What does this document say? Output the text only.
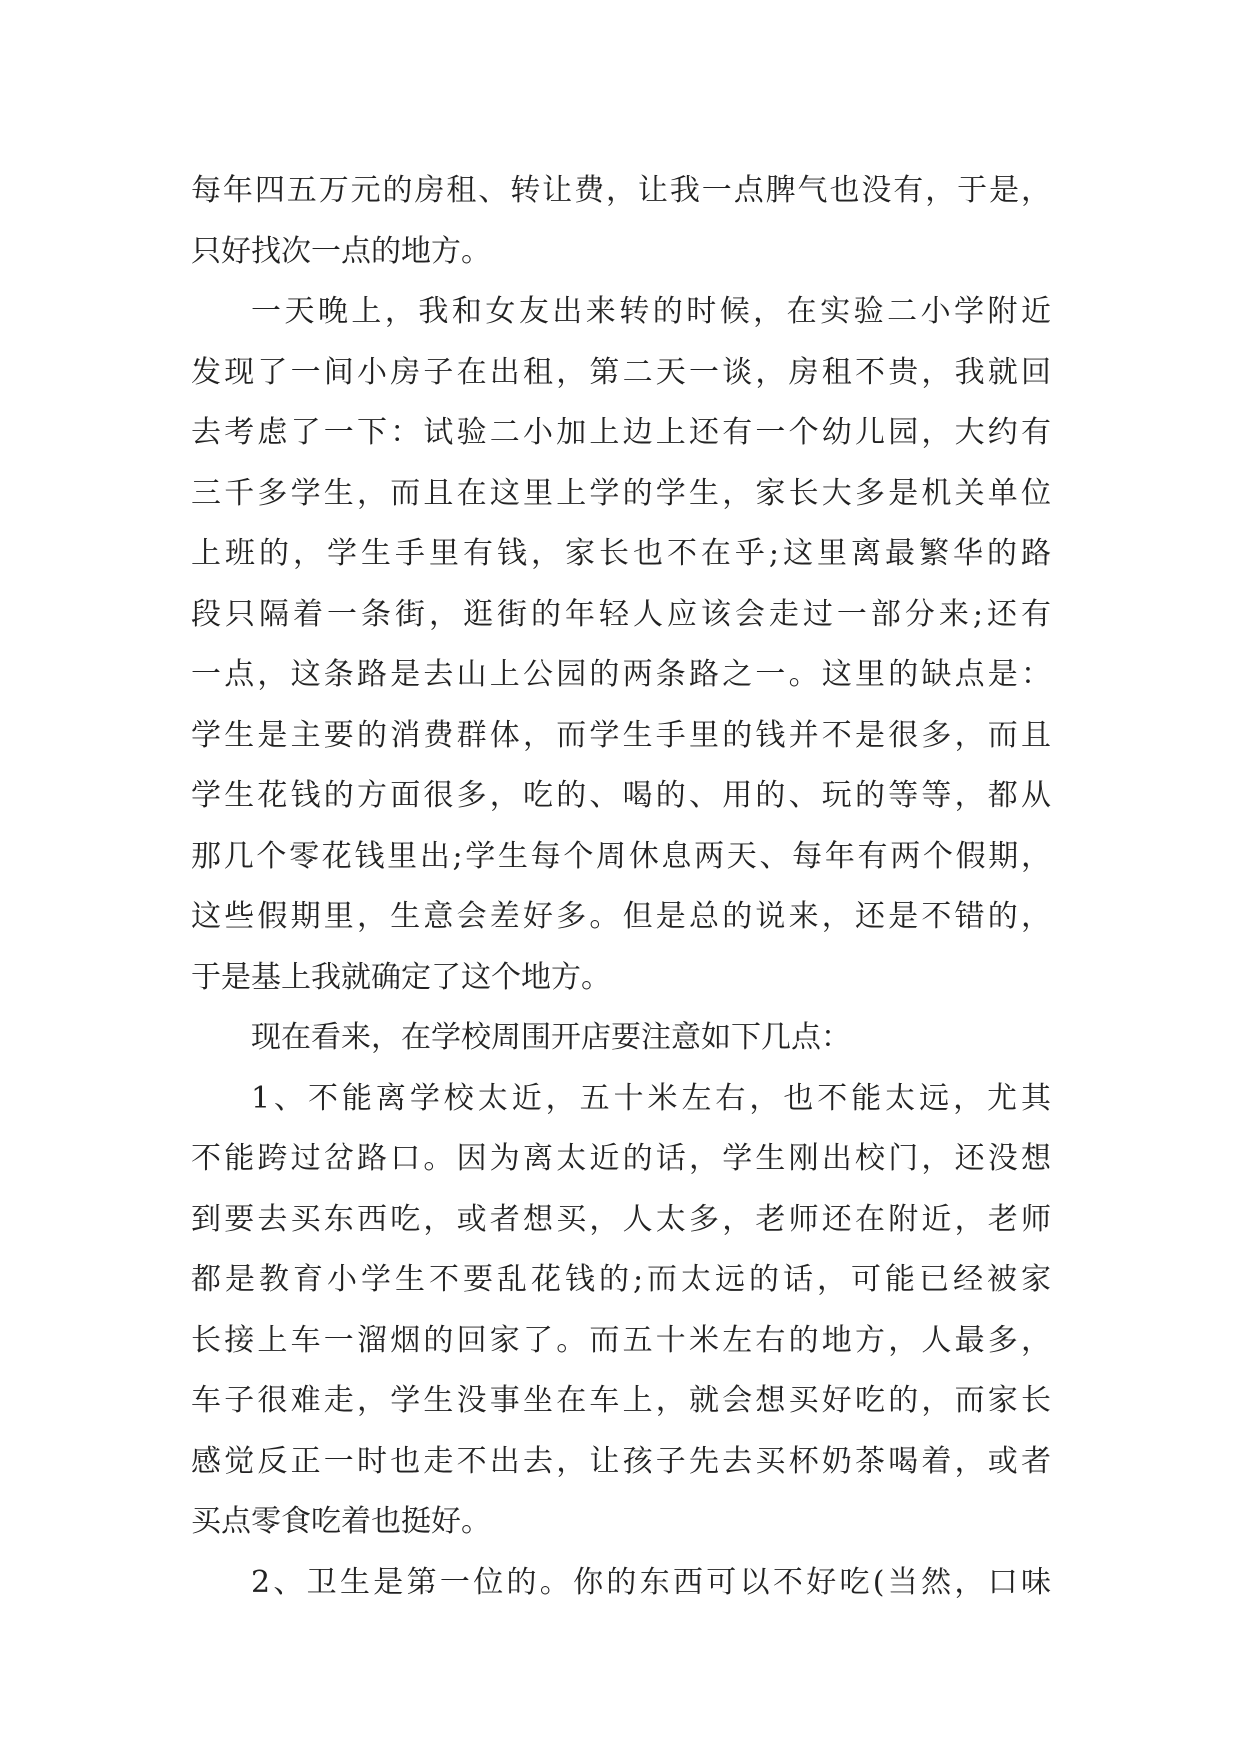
每年四五万元的房租、转让费，让我一点脾气也没有，于是，
只好找次一点的地方。
一天晚上，我和女友出来转的时候，在实验二小学附近
发现了一间小房子在出租，第二天一谈，房租不贵，我就回
去考虑了一下：试验二小加上边上还有一个幼儿园，大约有
三千多学生，而且在这里上学的学生，家长大多是机关单位
上班的，学生手里有钱，家长也不在乎;这里离最繁华的路
段只隔着一条街，逛街的年轻人应该会走过一部分来;还有
一点，这条路是去山上公园的两条路之一。这里的缺点是：
学生是主要的消费群体，而学生手里的钱并不是很多，而且
学生花钱的方面很多，吃的、喝的、用的、玩的等等，都从
那几个零花钱里出;学生每个周休息两天、每年有两个假期，
这些假期里，生意会差好多。但是总的说来，还是不错的，
于是基上我就确定了这个地方。
现在看来，在学校周围开店要注意如下几点：
1、不能离学校太近，五十米左右，也不能太远，尤其
不能跨过岔路口。因为离太近的话，学生刚出校门，还没想
到要去买东西吃，或者想买，人太多，老师还在附近，老师
都是教育小学生不要乱花钱的;而太远的话，可能已经被家
长接上车一溜烟的回家了。而五十米左右的地方，人最多，
车子很难走，学生没事坐在车上，就会想买好吃的，而家长
感觉反正一时也走不出去，让孩子先去买杯奶茶喝着，或者
买点零食吃着也挺好。
2、卫生是第一位的。你的东西可以不好吃(当然，口味
